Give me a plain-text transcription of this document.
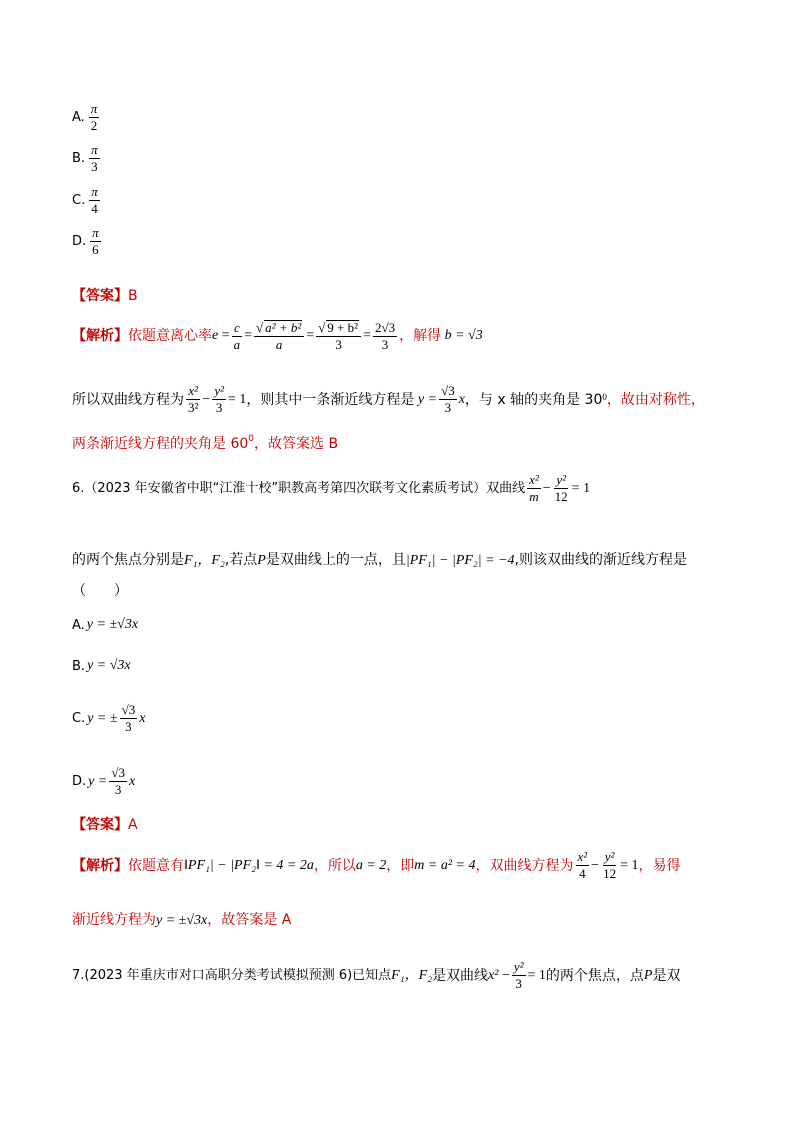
A. $\frac{\pi}{2}$
B. $\frac{\pi}{3}$
C. $\frac{\pi}{4}$
D. $\frac{\pi}{6}$
【答案】B
【解析】 依题意离心率 e
= $\frac{c}{a} = \frac{\text{√ a² + b²}}{a} = \frac{\text{√ 9 + b²}}{3} = \frac{2√3}{3}$ ，解得
b = √3
所以双曲线方程为 $\frac{\text{x²}}{\text{3²}} - \frac{\text{y²}}{3} = 1$ ，则其中一条渐近线方程是
$y = \frac{√3}{3}$ x ，与 x 轴的夹角是 $30^0$ ，故由对称性，
两条渐近线方程的夹角是 $60^0$，故答案选 B
6.（2023 年安徽省中职“江淮十校”职教高考第四次联考文化素质考试）双曲线 $\frac{\text{x²}}{m} - \frac{\text{y²}}{12} = 1$
的两个焦点分别是F₁，F₂,若点P是双曲线上的一点，且|PF₁| − |PF₂| = −4,则该双曲线的渐近线方程是
（　　）
A. y = ±√3x
B. y = √3x
C. y = ± $\frac{√3}{3}$ x
D. $y = \frac{√3}{3}$ x
【答案】A
【解析】 依题意有 ‖PF₁| − |PF₂‖ = 4 = 2a ，所以 a = 2 ，即 m = a² = 4 ，双曲线方程为 $\frac{\text{x²}}{4} - \frac{\text{y²}}{12} = 1$ ，易得
渐近线方程为y = ±√3x，故答案是 A
7.(2023 年重庆市对口高职分类考试模拟预测 6)已知点 F₁，F₂ 是双曲线 x²
− $\frac{\text{y²}}{3} = 1$ 的两个焦点，点 P 是双
